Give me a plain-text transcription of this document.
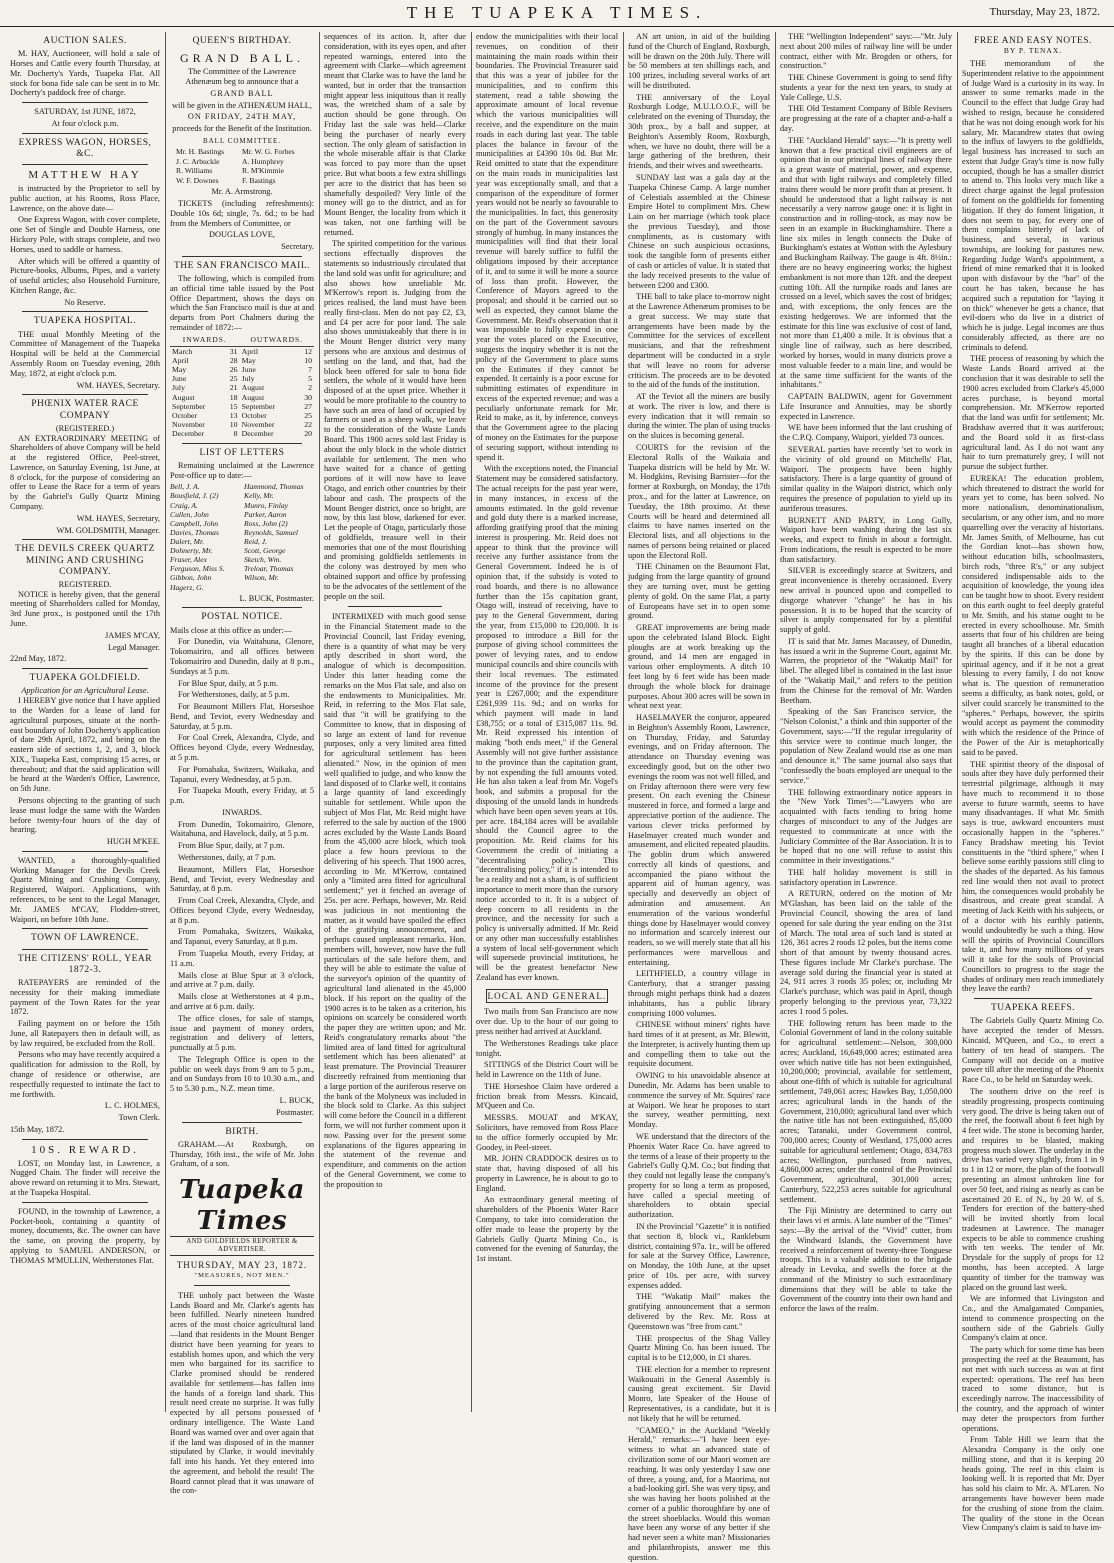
THE TUAPEKA TIMES.	Thursday, May 23, 1872.
AUCTION SALES.

M. HAY, Auctioneer, will hold a sale of Horses and Cattle every fourth Thursday, at Mr. Docherty's Yards, Tuapeka Flat. All stock for bona fide sale can be sent in to Mr. Docherty's paddock free of charge.

SATURDAY, 1st JUNE, 1872,

At four o'clock p.m.

EXPRESS WAGON, HORSES, &C.
MATTHEW HAY

is instructed by the Proprietor to sell by public auction, at his Rooms, Ross Place, Lawrence, on the above date—

One Express Wagon, with cover complete, one Set of Single and Double Harness, one Hickory Pole, with straps complete, and two Horses, used to saddle or harness.

After which will be offered a quantity of Picture-books, Albums, Pipes, and a variety of useful articles; also Household Furniture, Kitchen Range, &c.

No Reserve.

TUAPEKA HOSPITAL.

THE usual Monthly Meeting of the Committee of Management of the Tuapeka Hospital will be held at the Commercial Assembly Room on Tuesday evening, 28th May, 1872, at eight o'clock p.m.

WM. HAYES, Secretary.

PHŒNIX WATER RACE COMPANY
(REGISTERED.)

AN EXTRAORDINARY MEETING of Shareholders of above Company will be held at the registered Office, Peel-street, Lawrence, on Saturday Evening, 1st June, at 8 o'clock, for the purpose of considering an offer to Lease the Race for a term of years by the Gabriel's Gully Quartz Mining Company.

WM. HAYES, Secretary,

WM. GOLDSMITH, Manager.

THE DEVILS CREEK QUARTZ MINING AND CRUSHING COMPANY.
REGISTERED.

NOTICE is hereby given, that the general meeting of Shareholders called for Monday, 3rd June prox., is postponed until the 17th June.

JAMES M'CAY,

Legal Manager.

22nd May, 1872.

TUAPEKA GOLDFIELD.
Application for an Agricultural Lease.

I HEREBY give notice that I have applied to the Warden for a lease of land for agricultural purposes, situate at the north-east boundary of John Docherty's application of date 29th April, 1872, and being on the eastern side of sections 1, 2, and 3, block XIX., Tuapeka East, comprising 15 acres, or thereabout; and that the said application will be heard at the Warden's Office, Lawrence, on 5th June.

Persons objecting to the granting of such lease must lodge the same with the Warden before twenty-four hours of the day of hearing.

HUGH M'KEE.

WANTED, a thoroughly-qualified Working Manager for the Devils Creek Quartz Mining and Crushing Company, Registered, Waipori. Applications, with references, to be sent to the Legal Manager, Mr. JAMES M'CAY, Flodden-street, Waipori, on before 10th June.

TOWN OF LAWRENCE.
THE CITIZENS' ROLL, YEAR 1872-3.

RATEPAYERS are reminded of the necessity for their making immediate payment of the Town Rates for the year 1872.

Failing payment on or before the 15th June, all Ratepayers then in default will, as by law required, be excluded from the Roll.

Persons who may have recently acquired a qualification for admission to the Roll, by change of residence or otherwise, are respectfully requested to intimate the fact to me forthwith.

L. C. HOLMES,

Town Clerk.

15th May, 1872.

10S. REWARD.

LOST, on Monday last, in Lawrence, a Nugged Chain. The finder will receive the above reward on returning it to Mrs. Stewart, at the Tuapeka Hospital.

FOUND, in the township of Lawrence, a Pocket-book, containing a quantity of money, documents, &c. The owner can have the same, on proving the property, by applying to SAMUEL ANDERSON, or THOMAS M'MULLIN, Wetherstones Flat.

QUEEN'S BIRTHDAY.
GRAND BALL.

The Committee of the Lawrence Athenæum beg to announce that a

GRAND BALL

will be given in the ATHENÆUM HALL,

ON FRIDAY, 24TH MAY,

proceeds for the Benefit of the Institution.

BALL COMMITTEE.
Mr. H. Bastings	Mr. W. G. Forbes
J. C. Arbuckle	A. Humphrey
R. Williams	R. M'Kimmie
W. F. Downes	F. Bastings

Mr. A. Armstrong.

TICKETS (including refreshments): Double 10s 6d; single, 7s. 6d.; to be had from the Members of Committee, or

DOUGLAS LOVE,

Secretary.

THE SAN FRANCISCO MAIL.

The following, which is compiled from an official time table issued by the Post Office Department, shows the days on which the San Francisco mail is due at and departs from Port Chalmers during the remainder of 1872:—

INWARDS.		OUTWARDS.	
March	31	April	12
April	28	May	10
May	26	June	7
June	25	July	5
July	21	August	2
August	18	August	30
September	15	September	27
October	13	October	25
November	10	November	22
December	8	December	20
LIST OF LETTERS

Remaining unclaimed at the Lawrence Post-office up to date:—

Bell, J. A.
Bousfield, J. (2)
Craig, A.
Cullen, John
Campbell, John
Davies, Thomas
Dalert, Mr.
Dohnerty, Mr.
Fraser, Alex
Ferguson, Miss S.
Gibbon, John
Hagerz, G.
Hammond, Thomas
Kelly, Mr.
Munro, Finlay
Parker, Aaron
Ross, John (2)
Reynolds, Samuel
Reid, J.
Scott, George
Sketch, Wm.
Treloar, Thomas
Wilson, Mr.

L. BUCK, Postmaster.

POSTAL NOTICE.

Mails close at this office as under:—

For Dunedin, via Waitahuna, Glenore, Tokomairiro, and all offices between Tokomairiro and Dunedin, daily at 8 p.m., Sundays at 5 p.m.

For Blue Spur, daily, at 5 p.m.

For Wetherstones, daily, at 5 p.m.

For Beaumont Millers Flat, Horseshoe Bend, and Teviot, every Wednesday and Saturday, at 5 p.m.

For Coal Creek, Alexandra, Clyde, and Offices beyond Clyde, every Wednesday, at 5 p.m.

For Pomahaka, Switzers, Waikaka, and Tapanui, every Wednesday, at 5 p.m.

For Tuapeka Mouth, every Friday, at 5 p.m.

INWARDS.

From Dunedin, Tokomairiro, Glenore, Waitahuna, and Havelock, daily, at 5 p.m.

From Blue Spur, daily, at 7 p.m.

Wetherstones, daily, at 7 p.m.

Beaumont, Millers Flat, Horseshoe Bend, and Teviot, every Wednesday and Saturday, at 8 p.m.

From Coal Creek, Alexandra, Clyde, and Offices beyond Clyde, every Wednesday, at 8 p.m.

From Pomahaka, Switzers, Waikaka, and Tapanui, every Saturday, at 8 p.m.

From Tuapeka Mouth, every Friday, at 11 a.m.

Mails close at Blue Spur at 3 o'clock, and arrive at 7 p.m. daily.

Mails close at Wetherstones at 4 p.m., and arrive at 6 p.m. daily.

The office closes, for sale of stamps, issue and payment of money orders, registration and delivery of letters, punctually at 5 p.m.

The Telegraph Office is open to the public on week days from 9 am to 5 p.m., and on Sundays from 10 to 10.30 a.m., and 5 to 5.30 p.m., N.Z. mean time.

L. BUCK,

Postmaster.

BIRTH.

GRAHAM.—At Roxburgh, on Thursday, 16th inst., the wife of Mr. John Graham, of a son.

Tuapeka Times
AND GOLDFIELDS REPORTER & ADVERTISER.
THURSDAY, MAY 23, 1872.
"MEASURES, NOT MEN."

THE unholy pact between the Waste Lands Board and Mr. Clarke's agents has been fulfilled. Nearly nineteen hundred acres of the most choice agricultural land—land that residents in the Mount Benger district have been yearning for years to establish homes upon, and which the very men who bargained for its sacrifice to Clarke promised should be rendered available for settlement—has fallen into the hands of a foreign land shark. This result need create no surprise. It was fully expected by all persons possessed of ordinary intelligence. The Waste Land Board was warned over and over again that if the land was disposed of in the manner stipulated by Clarke, it would inevitably fall into his hands. Yet they entered into the agreement, and behold the result! The Board cannot plead that it was unaware of the con-

sequences of its action. It, after due consideration, with its eyes open, and after repeated warnings, entered into the agreement with Clarke—which agreement meant that Clarke was to have the land he wanted, but in order that the transaction might appear less iniquitous than it really was, the wretched sham of a sale by auction should be gone through. On Friday last the sale was held—Clarke being the purchaser of nearly every section. The only gleam of satisfaction in the whole miserable affair is that Clarke was forced to pay more than the upset price. But what boots a few extra shillings per acre to the district that has been so shamefully despoiled? Very little of the money will go to the district, and as for Mount Benger, the locality from which it was taken, not one farthing will be returned.

The spirited competition for the various sections effectually disproves the statements so industriously circulated that the land sold was unfit for agriculture; and also shows how unreliable Mr. M'Kerrow's report is. Judging from the prices realised, the land must have been really first-class. Men do not pay £2, £3, and £4 per acre for poor land. The sale also shows unmistakeably that there is in the Mount Benger district very many persons who are anxious and desirous of settling on the land, and that, had the block been offered for sale to bona fide settlers, the whole of it would have been disposed of at the upset price. Whether it would be more profitable to the country to have such an area of land of occupied by farmers or used as a sheep walk, we leave to the consideration of the Waste Lands Board. This 1900 acres sold last Friday is about the only block in the whole district available for settlement. The men who have waited for a chance of getting portions of it will now have to leave Otago, and enrich other countries by their labour and cash. The prospects of the Mount Benger district, once so bright, are now, by this last blow, darkened for ever. Let the people of Otago, particularly those of goldfields, treasure well in their memories that one of the most flourishing and promising goldfields settlements in the colony was destroyed by men who obtained support and office by professing to be the advocates of the settlement of the people on the soil.

INTERMIXED with much good sense in the Financial Statement made to the Provincial Council, last Friday evening, there is a quantity of what may be very aptly described in short word, the analogue of which is decomposition. Under this latter heading come the remarks on the Mos Flat sale, and also on the endowments to Municipalities. Mr. Reid, in referring to the Mos Flat sale, said that "it will be gratifying to the Committee to know, that in disposing of so large an extent of land for revenue purposes, only a very limited area fitted for agricultural settlement has been alienated." Now, in the opinion of men well qualified to judge, and who know the land disposed of to Clarke well, it contains a large quantity of land exceedingly suitable for settlement. While upon the subject of Mos Flat, Mr. Reid might have referred to the sale by auction of the 1900 acres excluded by the Waste Lands Board from the 45,000 acre block, which took place a few hours previous to the delivering of his speech. That 1900 acres, according to Mr. M'Kerrow, contained only a "limited area fitted for agricultural settlement;" yet it fetched an average of 25s. per acre. Perhaps, however, Mr. Reid was judicious in not mentioning the matter, as it would have spoiled the effect of the gratifying announcement, and perhaps caused unpleasant remarks. Hon. members will, however, now have the full particulars of the sale before them, and they will be able to estimate the value of the surveyor's opinion of the quantity of agricultural land alienated in the 45,000 block. If his report on the quality of the 1900 acres is to be taken as a criterion, his opinions on scarcely be considered worth the paper they are written upon; and Mr. Reid's congratulatory remarks about "the limited area of land fitted for agricultural settlement which has been alienated" at least premature. The Provincial Treasurer discreetly refrained from mentioning that a large portion of the auriferous reserve on the bank of the Molyneux was included in the block sold to Clarke. As this subject will come before the Council in a different form, we will not further comment upon it now. Passing over for the present some explanations of the figures appearing in the statement of the revenue and expenditure, and comments on the action of the General Government, we come to the proposition to

endow the municipalities with their local revenues, on condition of their maintaining the main roads within their boundaries. The Provincial Treasurer said that this was a year of jubilee for the municipalities, and to confirm this statement, read a table showing the approximate amount of local revenue which the various municipalities will receive, and the expenditure on the main roads in each during last year. The table places the balance in favour of the municipalities at £4390 10s 0d. But Mr. Reid omitted to state that the expenditure on the main roads in municipalities last year was exceptionally small, and that a comparison of the expenditure of former years would not be nearly so favourable to the municipalities. In fact, this generosity on the part of the Government savours strongly of humbug. In many instances the municipalities will find that their local revenue will barely suffice to fulfil the obligations imposed by their acceptance of it, and to some it will be more a source of loss than profit. However, the Conference of Mayors agreed to the proposal; and should it be carried out so well as expected, they cannot blame the Government. Mr. Reid's observation that it was impossible to fully expend in one year the votes placed on the Executive, suggests the inquiry whether it is not the policy of the Government to place sums on the Estimates if they cannot be expended. It certainly is a poor excuse for submitting estimates of expenditure in excess of the expected revenue; and was a peculiarly unfortunate remark for Mr. Reid to make, as it, by inference, conveys that the Government agree to the placing of money on the Estimates for the purpose of securing support, without intending to spend it.

With the exceptions noted, the Financial Statement may be considered satisfactory. The actual receipts for the past year were, in many instances, in excess of the amounts estimated. In the gold revenue and gold duty there is a marked increase, affording gratifying proof that the mining interest is prospering. Mr. Reid does not appear to think that the province will receive any further assistance from the General Government. Indeed he is of opinion that, if the subsidy is voted to road boards, and there is no allowance further than the 15s capitation grant, Otago will, instead of receiving, have to pay to the General Government, during the year, from £15,000 to £20,000. It is proposed to introduce a Bill for the purpose of giving school committees the power of levying rates, and to endow municipal councils and shire councils with their local revenues. The estimated income of the province for the present year is £267,000; and the expenditure £261,939 11s. 9d.; and on works for which payment will made in land £38,755; or a total of £315,087 11s. 9d. Mr. Reid expressed his intention of making "both ends meet," if the General Assembly will not give further assistance to the province than the capitation grant, by not expending the full amounts voted. He has also taken a leaf from Mr. Vogel's book, and submits a proposal for the disposing of the unsold lands in hundreds which have been open seven years at 10s. per acre. 184,184 acres will be available should the Council agree to the proposition. Mr. Reid claims for his Government the credit of initiating a "decentralising policy." This "decentralising policy," if it is intended to be a reality and not a sham, is of sufficient importance to merit more than the cursory notice accorded to it. It is a subject of deep concern to all residents in the province, and the necessity for such a policy is universally admitted. If Mr. Reid or any other man successfully establishes a system of local self-government which will supersede provincial institutions, he will be the greatest benefactor New Zealand has ever known.

LOCAL AND GENERAL.

Two mails from San Francisco are now over due. Up to the hour of our going to press neither had arrived at Auckland.

The Wetherstones Readings take place tonight.

SITTINGS of the District Court will be held in Lawrence on the 11th of June.

THE Horseshoe Claim have ordered a friction break from Messrs. Kincaid, M'Queen and Co.

MESSRS. MOUAT and M'KAY, Solicitors, have removed from Ross Place to the office formerly occupied by Mr. Goodey, in Peel-street.

MR. JOHN CRADDOCK desires us to state that, having disposed of all his property in Lawrence, he is about to go to England.

An extraordinary general meeting of shareholders of the Phoenix Water Race Company, to take into consideration the offer made to lease the property by the Gabriels Gully Quartz Mining Co., is convened for the evening of Saturday, the 1st instant.

AN art union, in aid of the building fund of the Church of England, Roxburgh, will be drawn on the 20th July. There will be 50 members at ten shillings each, and 100 prizes, including several works of art will be distributed.

THE anniversary of the Loyal Roxburgh Lodge, M.U.I.O.O.F., will be celebrated on the evening of Thursday, the 30th prox., by a ball and supper, at Beighton's Assembly Room, Roxburgh, when, we have no doubt, there will be a large gathering of the brethren, their friends, and their wives and sweethearts.

SUNDAY last was a gala day at the Tuapeka Chinese Camp. A large number of Celestials assembled at the Chinese Empire Hotel to compliment Mrs. Chew Lain on her marriage (which took place the previous Tuesday), and those compliments, as is customary with Chinese on such auspicious occasions, took the tangible form of presents either of cash or articles of value. It is stated that the lady received presents to the value of between £200 and £300.

THE ball to take place to-morrow night at the Lawrence Athenæum promises to be a great success. We may state that arrangements have been made by the Committee for the services of excellent musicians, and that the refreshment department will be conducted in a style that will leave no room for adverse criticism. The proceeds are to be devoted to the aid of the funds of the institution.

AT the Teviot all the miners are busily at work. The river is low, and there is every indication that it will remain so during the winter. The plan of using trucks on the sluices is becoming general.

COURTS for the revision of the Electoral Rolls of the Waikaia and Tuapeka districts will be held by Mr. W. M. Hodgkins, Revising Barrister—for the former at Roxburgh, on Monday, the 17th prox., and for the latter at Lawrence, on Tuesday, the 18th proximo. At these Courts will be heard and determined all claims to have names inserted on the Electoral lists, and all objections to the names of persons being retained or placed upon the Electoral Roll.

THE Chinamen on the Beaumont Flat, judging from the large quantity of ground they are turning over, must be getting plenty of gold. On the same Flat, a party of Europeans have set in to open some ground.

GREAT improvements are being made upon the celebrated Island Block. Eight ploughs are at work breaking up the ground, and 14 men are engaged in various other employments. A ditch 10 feet long by 6 feet wide has been made through the whole block for drainage purposes. About 300 acres will be sown in wheat next year.

HASELMAYER the conjuror, appeared in Beighton's Assembly Room, Lawrence, on Thursday, Friday, and Saturday evenings, and on Friday afternoon. The attendance on Thursday evening was exceedingly good, but on the other two evenings the room was not well filled, and on Friday afternoon there were very few present. On each evening the Chinese mustered in force, and formed a large and appreciative portion of the audience. The various clever tricks performed by Haselmayer created much wonder and amusement, and elicited repeated plaudits. The goblin drum which answered correctly all kinds of questions, and accompanied the piano without the apparent aid of human agency, was specially and deservedly an object of admiration and amusement. An enumeration of the various wonderful things done by Haselmayer would convey no information and scarcely interest our readers, so we will merely state that all his performances were marvellous and entertaining.

LEITHFIELD, a country village in Canterbury, that a stranger passing through might perhaps think had a dozen inhabitants, has a public library comprising 1000 volumes.

CHINESE without miners' rights have hard times of it at present, as Mr. Blewitt, the Interpreter, is actively hunting them up and compelling them to take out the requisite document.

OWING to his unavoidable absence at Dunedin, Mr. Adams has been unable to commence the survey of Mr. Squires' race at Waipori. We hear he proposes to start the survey, weather permitting, next Monday.

WE understand that the directors of the Phoenix Water Race Co. have agreed to the terms of a lease of their property to the Gabriel's Gully Q.M. Co.; but finding that they could not legally lease the company's property for so long a term as proposed, have called a special meeting of shareholders to obtain special authorization.

IN the Provincial "Gazette" it is notified that section 8, block vi., Rankleburn district, containing 97a. 1r., will be offered for sale at the Survey Office, Lawrence, on Monday, the 10th June, at the upset price of 10s. per acre, with survey expenses added.

THE "Wakatip Mail" makes the gratifying announcement that a sermon delivered by the Rev. Mr. Ross at Queenstown was "free from cant."

THE prospectus of the Shag Valley Quartz Mining Co. has been issued. The capital is to be £12,000, in £1 shares.

THE election for a member to represent Waikouaiti in the General Assembly is causing great excitement. Sir David Monro, late Speaker of the House of Representatives, is a candidate, but it is not likely that he will be returned.

"CAMEO," in the Auckland "Weekly Herald," remarks:—"I have been eye-witness to what an advanced state of civilization some of our Maori women are reaching. It was only yesterday I saw one of three, a young, and, for a Maorima, not a bad-looking girl. She was very tipsy, and she was having her boots polished at the corner of a public thoroughfare by one of the street shoeblacks. Would this woman have been any worse of any better if she had never seen a white man? Missionaries and philanthropists, answer me this question.

THE "Wellington Independent" says:—"Mr. July next about 200 miles of railway line will be under contract, either with Mr. Brogden or others, for construction."

THE Chinese Government is going to send fifty students a year for the next ten years, to study at Yale College, U.S.

THE Old Testament Company of Bible Revisers are progressing at the rate of a chapter and-a-half a day.

THE "Auckland Herald" says:—"It is pretty well known that a few practical civil engineers are of opinion that in our principal lines of railway there is a great waste of material, power, and expense, and that with light railways and completely filled trains there would be more profit than at present. It should be understood that a light railway is not necessarily a very narrow gauge one: it is light in construction and in rolling-stock, as may now be seen in an example in Buckinghamshire. There a line six miles in length connects the Duke of Buckingham's estates at Wotton with the Aylesbury and Buckingham Railway. The gauge is 4ft. 8½in.: there are no heavy engineering works; the highest embankment is not more than 12ft. and the deepest cutting 10ft. All the turnpike roads and lanes are crossed on a level, which saves the cost of bridges; and, with exceptions, the only fences are the existing hedgerows. We are informed that the estimate for this line was exclusive of cost of land, not more than £1,400 a mile. It is obvious that a single line of railway, such as here described, worked by horses, would in many districts prove a most valuable feeder to a main line, and would be at the same time sufficient for the wants of the inhabitants."

CAPTAIN BALDWIN, agent for Government Life Insurance and Annuities, may be shortly expected in Lawrence.

WE have been informed that the last crushing of the C.P.Q. Company, Waipori, yielded 73 ounces.

SEVERAL parties have recently 'set to work in the vicinity of old ground on Mitchells' Flat, Waipori. The prospects have been highly satisfactory. There is a large quantity of ground of similar quality in the Waipori district, which only requires the presence of population to yield up its auriferous treasures.

BURNETT AND PARTY, in Long Gully, Waipori have been washing during the last six weeks, and expect to finish in about a fortnight. From indications, the result is expected to be more than satisfactory.

SILVER is exceedingly scarce at Switzers, and great inconvenience is thereby occasioned. Every new arrival is pounced upon and compelled to disgorge whatever "change" he has in his possession. It is to be hoped that the scarcity of silver is amply compensated for by a plentiful supply of gold.

IT is said that Mr. James Macassey, of Dunedin, has issued a writ in the Supreme Court, against Mr. Warren, the proprietor of the "Wakatip Mail" for libel. The alleged libel is contained in the last issue of the "Wakatip Mail," and refers to the petition from the Chinese for the removal of Mr. Warden Beetham.

Speaking of the San Francisco service, the "Nelson Colonist," a think and thin supporter of the Government, says:—"If the regular irregularity of this service were to continue much longer, the population of New Zealand would rise as one man and denounce it." The same journal also says that "confessedly the boats employed are unequal to the service."

THE following extraordinary notice appears in the "New York Times":—"Lawyers who are acquainted with facts tending to bring home charges of misconduct to any of the Judges are requested to communicate at once with the Judiciary Committee of the Bar Association. It is to be hoped that no one will refuse to assist this committee in their investigations."

THE half holiday movement is still in satisfactory operation in Lawrence.

A RETURN, ordered on the motion of Mr M'Glashan, has been laid on the table of the Provincial Council, showing the area of land opened for sale during the year ending on the 31st of March. The total area of such land is stated at 126, 361 acres 2 roods 12 poles, but the items come short of that amount by twenty thousand acres. These figures include Mr Clarke's purchase. The average sold during the financial year is stated at 24, 911 acres 3 roods 35 poles; or, including Mr Clarke's purchase, which was paid in April, though properly belonging to the previous year, 73,322 acres 1 rood 5 poles.

THE following return has been made to the Colonial Government of land in the colony suitable for agricultural settlement:—Nelson, 300,000 acres; Auckland, 16,649,000 acres; estimated area over which native title has not been extinguished, 10,200,000; provincial, available for settlement, about one-fifth of which is suitable for agricultural settlement, 749,061 acres; Hawkes Bay, 1,050,000 acres; agricultural lands in the hands of the Government, 210,000; agricultural land over which the native title has not been extinguished, 85,000 acres; Taranaki, under Government control, 700,000 acres; County of Westland, 175,000 acres suitable for agricultural settlement; Otago, 834,783 acres; Wellington, purchased from natives, 4,860,000 acres; under the control of the Provincial Government, agricultural, 301,000 acres; Canterbury, 522,253 acres suitable for agricultural settlement.

The Fiji Ministry are determined to carry out their laws vi et armis. A late number of the "Times" says:—By the arrival of the "Vivid" cutter, from the Windward Islands, the Government have received a reinforcement of twenty-three Tonguese troops. This is a valuable addition to the brigade already in Levuka, and swells the force at the command of the Ministry to such extraordinary dimensions that they will be able to take the Government of the country into their own hand and enforce the laws of the realm.

FREE AND EASY NOTES.
BY P. TENAX.

THE memorandum of the Superintendent relative to the appointment of Judge Ward is a curiosity in its way. In answer to some remarks made in the Council to the effect that Judge Gray had wished to resign, because he considered that he was not doing enough work for his salary, Mr. Macandrew states that owing to the influx of lawyers to the goldfields, legal business has increased to such an extent that Judge Gray's time is now fully occupied, though he has a smaller district to attend to. This looks very much like a direct charge against the legal profession of foment on the goldfields for fomenting litigation. If they do foment litigation, it does not seem to pay, for every one of them complains bitterly of lack of business, and several, in various townships, are looking for pastures new. Regarding Judge Ward's appointment, a friend of mine remarked that it is looked upon with disfavour by the "bar" of the court he has taken, because he has acquired such a reputation for "laying it on thick" whenever he gets a chance, that evil-doers who do live in a district of which he is judge. Legal incomes are thus considerably affected, as there are no criminals to defend.

THE process of reasoning by which the Waste Lands Board arrived at the conclusion that it was desirable to sell the 1900 acres excluded from Clarke's 45,000 acres purchase, is beyond mortal comprehension. Mr. M'Kerrow reported that the land was unfit for settlement; Mr. Bradshaw averred that it was auriferous; and the Board sold it as first-class agricultural land. As I do not want any hair to turn prematurely grey, I will not pursue the subject further.

EUREKA! The education problem, which threatened to distract the world for years yet to come, has been solved. No more nationalism, denominationalism, secularism, or any other ism, and no more quarrelling over the veracity of historians. Mr. James Smith, of Melbourne, has cut the Gordian knot—has shown how, without education bills, schoolmasters, birch rods, "three R's," or any subject considered indispensable aids to the acquisition of knowledge, the young idea can be taught how to shoot. Every resident on this earth ought to feel deeply grateful to Mr. Smith, and his statue ought to be erected in every schoolhouse. Mr. Smith asserts that four of his children are being taught all branches of a liberal education by the spirits. If this can be done by spiritual agency, and if it be not a great blessing to every family, I do not know what is. The question of remuneration seems a difficulty, as bank notes, gold, or silver could scarcely be transmitted to the "spheres." Perhaps, however, the spirits would accept as payment the commodity with which the residence of the Prince of the Power of the Air is metaphorically said to be paved.

THE spiritist theory of the disposal of souls after they have duly performed their terrestrial pilgrimage, although it may have much to recommend it to those averse to future warmth, seems to have many disadvantages. If what Mr. Smith says is true, awkward encounters must occasionally happen in the "spheres." Fancy Bradshaw meeting his Teviot constituents in the "third sphere," when I believe some earthly passions still cling to the shades of the departed. As his famous red line would then not avail to protect him, the consequences would probably be disastrous, and create great scandal. A meeting of Jack Keith with his subjects, or of a doctor with his earthly patients, would undoubtedly be such a thing. How will the spirits of Provincial Councillors take it, and how many millions of years will it take for the souls of Provincial Councillors to progress to the stage the shades of ordinary men reach immediately they leave the earth?

TUAPEKA REEFS.

The Gabriels Gully Quartz Mining Co. have accepted the tender of Messrs. Kincaid, M'Queen, and Co., to erect a battery of ten head of stampers. The Company will not decide on a motive power till after the meeting of the Phoenix Race Co., to be held on Saturday week.

The southern drive on the reef is steadily progressing, prospects continuing very good. The drive is being taken out of the reef, the footwall about 6 feet high by 4 feet wide. The stone is becoming harder, and requires to be blasted, making progress much slower. The underlay in the drive has varied very slightly, from 1 in 9 to 1 in 12 or more, the plan of the footwall presenting an almost unbroken line for over 50 feet, and rising as nearly as can be ascertained 20 E. of N., by 20 W. of S. Tenders for erection of the battery-shed will be invited shortly from local tradesmen at Lawrence. The manager expects to be able to commence crushing with ten weeks. The tender of Mr. Drysdale for the supply of props for 12 months, has been accepted. A large quantity of timber for the tramway was placed on the ground last week.

We are informed that Livingston and Co., and the Amalgamated Companies, intend to commence prospecting on the southern side of the Gabriels Gully Company's claim at once.

The party which for some time has been prospecting the reef at the Beaumont, has not met with such success as was at first expected: operations. The reef has been traced to some distance, but is exceedingly narrow. The inaccessibility of the country, and the approach of winter may deter the prospectors from further operations.

From Table Hill we learn that the Alexandra Company is the only one milling stone, and that it is keeping 20 heads going. The reef in this claim is looking well. It is reported that Mr. Dyer has sold his claim to Mr. A. M'Laren. No arrangements have however been made for the crushing of stone from the claim. The quality of the stone in the Ocean View Company's claim is said to have im-
